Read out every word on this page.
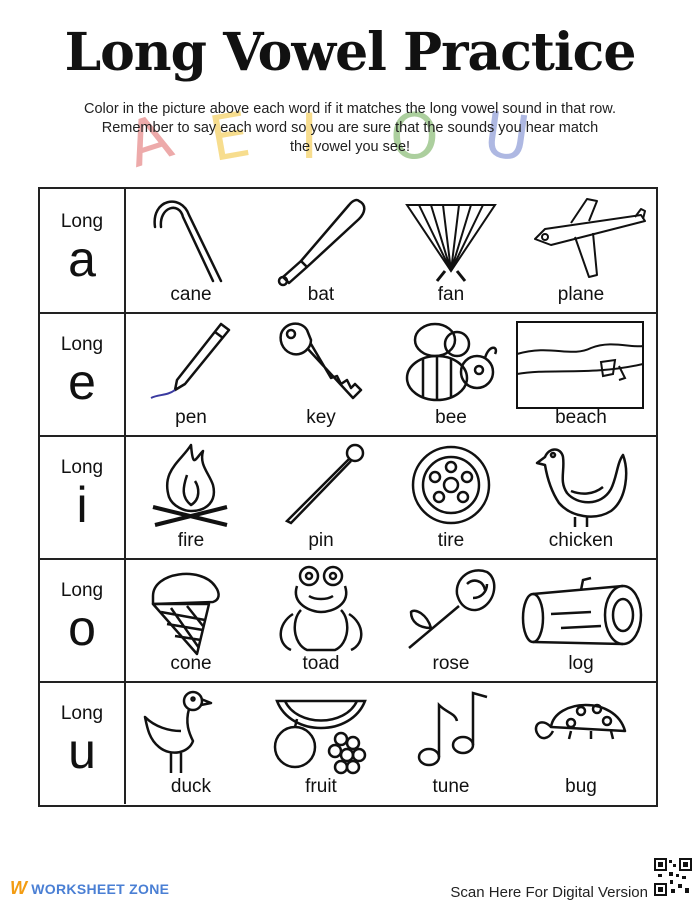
Long Vowel Practice
A E I O U
Color in the picture above each word if it matches the long vowel sound in that row.
Remember to say each word so you are sure that the sounds you hear match
the vowel you see!
Long
a
cane	bat	fan	plane
Long
e
pen	key	bee	beach
Long
i
fire	pin	tire	chicken
Long
o
cone	toad	rose	log
Long
u
duck	fruit	tune	bug
W WORKSHEET ZONE	Scan Here For Digital Version
